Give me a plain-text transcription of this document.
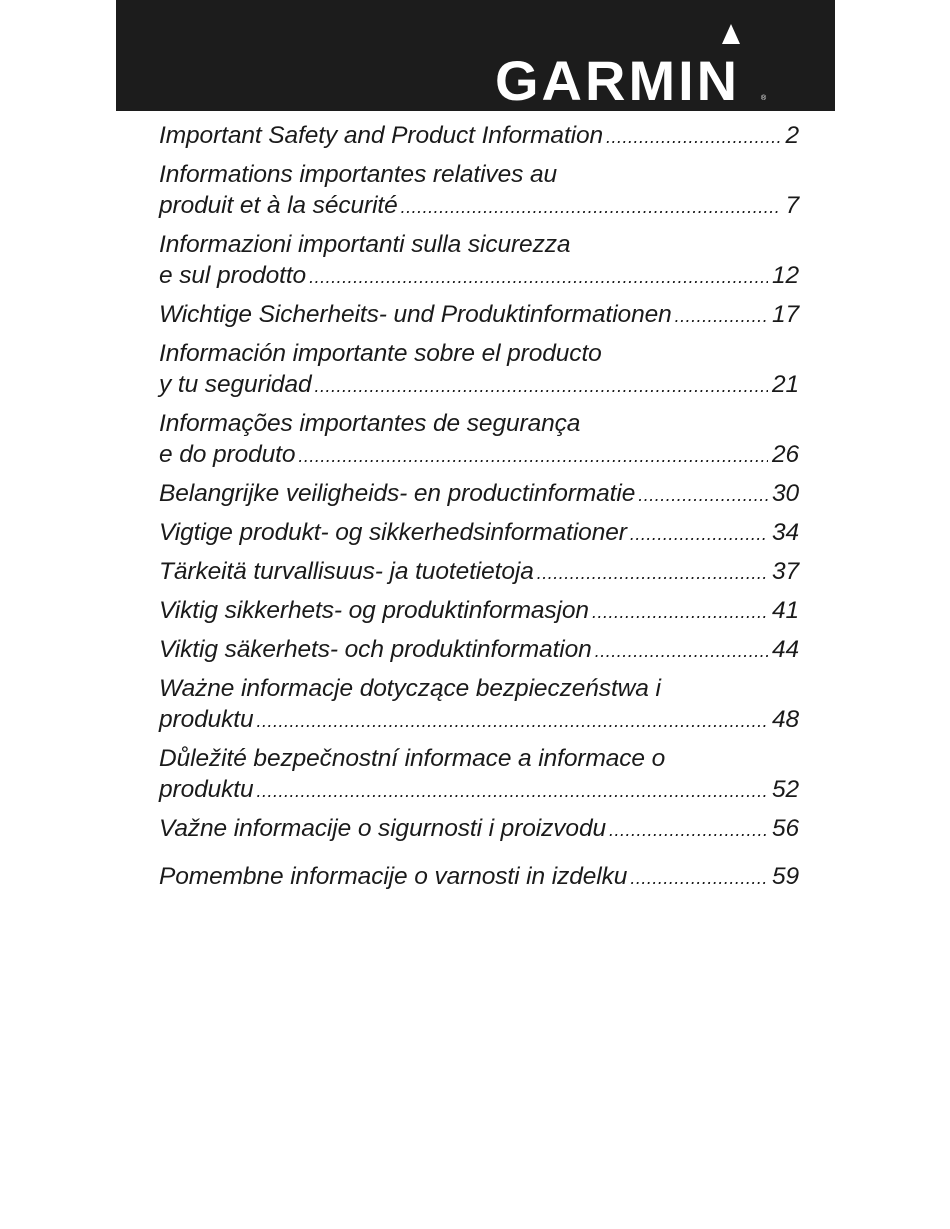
GARMIN	®
Important Safety and Product Information .....	2
Informations importantes relatives au
produit et à la sécurité .....	7
Informazioni importanti sulla sicurezza
e sul prodotto .....	12
Wichtige Sicherheits- und Produktinformationen .....	17
Información importante sobre el producto
y tu seguridad .....	21
Informações importantes de segurança
e do produto .....	26
Belangrijke veiligheids- en productinformatie .....	30
Vigtige produkt- og sikkerhedsinformationer .....	34
Tärkeitä turvallisuus- ja tuotetietoja .....	37
Viktig sikkerhets- og produktinformasjon .....	41
Viktig säkerhets- och produktinformation .....	44
Ważne informacje dotyczące bezpieczeństwa i
produktu .....	48
Důležité bezpečnostní informace a informace o
produktu .....	52
Važne informacije o sigurnosti i proizvodu .....	56
Pomembne informacije o varnosti in izdelku .....	59
